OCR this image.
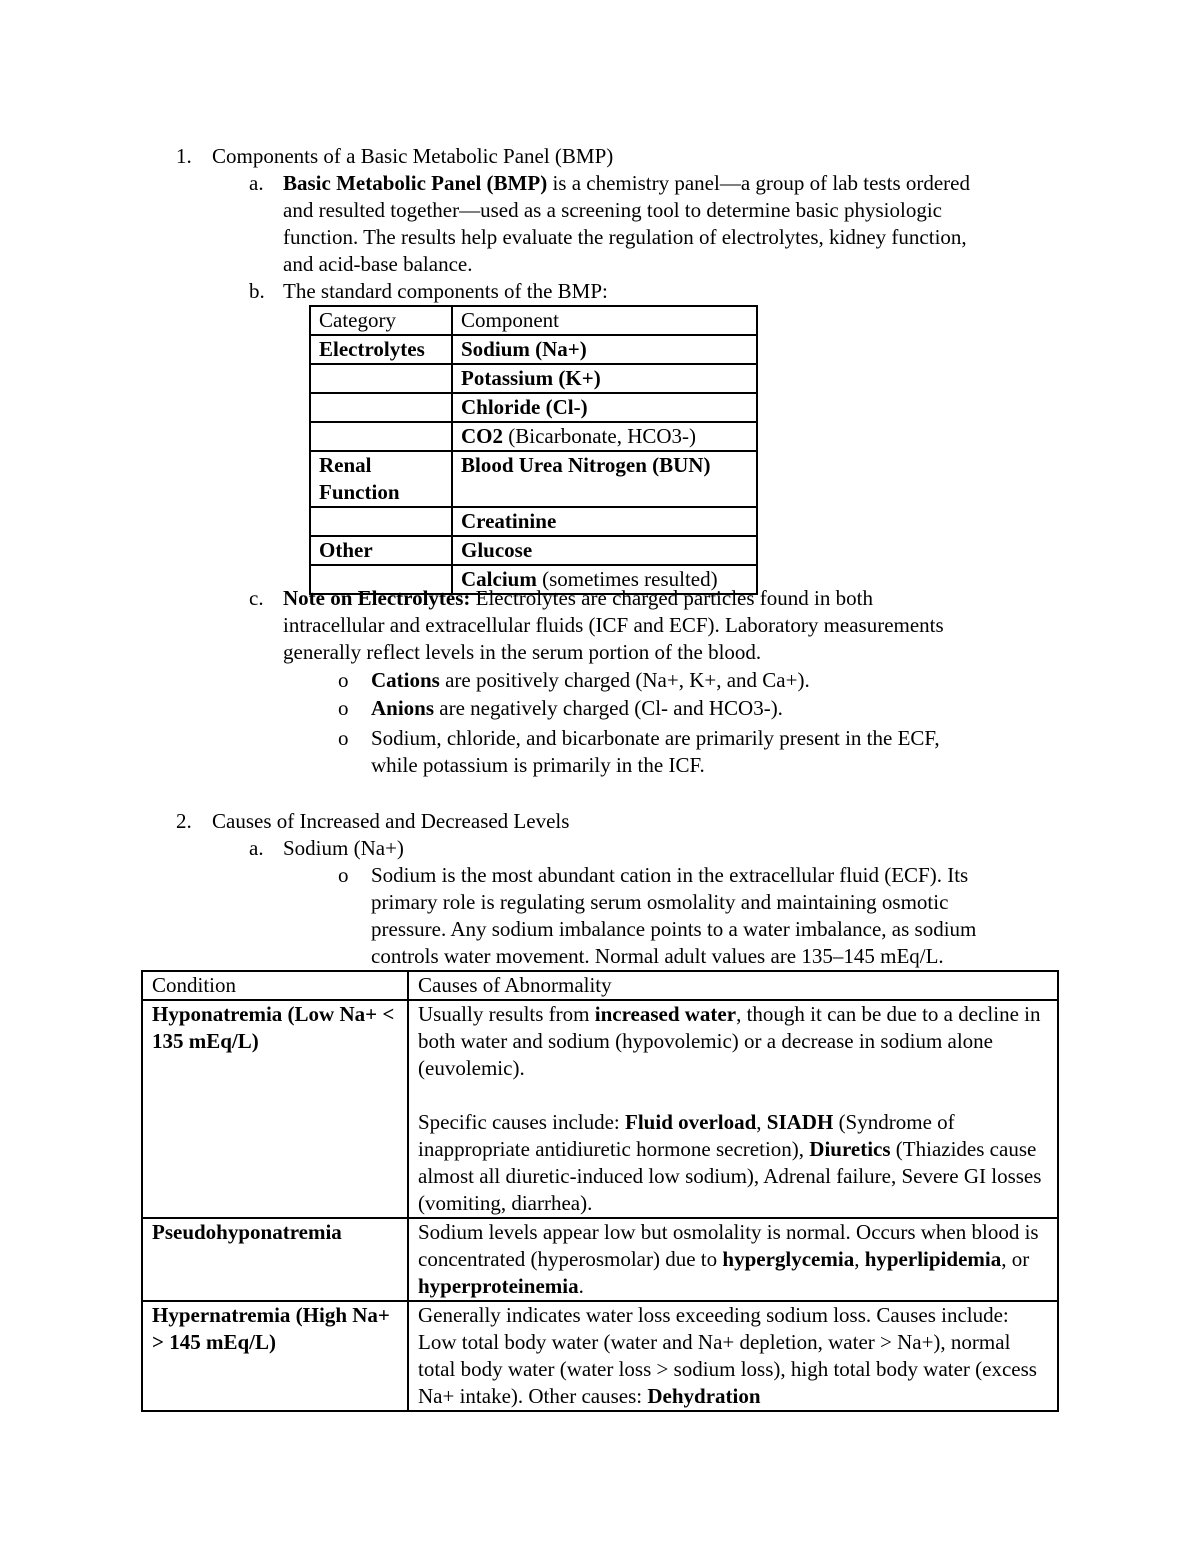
1. Components of a Basic Metabolic Panel (BMP)
a. Basic Metabolic Panel (BMP) is a chemistry panel—a group of lab tests ordered
and resulted together—used as a screening tool to determine basic physiologic
function. The results help evaluate the regulation of electrolytes, kidney function,
and acid-base balance.
b. The standard components of the BMP:
Category	Component
Electrolytes	Sodium (Na+)
	Potassium (K+)
	Chloride (Cl-)
	CO2 (Bicarbonate, HCO3-)
Renal Function	Blood Urea Nitrogen (BUN)
	Creatinine
Other	Glucose
	Calcium (sometimes resulted)
c. Note on Electrolytes: Electrolytes are charged particles found in both
intracellular and extracellular fluids (ICF and ECF). Laboratory measurements
generally reflect levels in the serum portion of the blood.
o Cations are positively charged (Na+, K+, and Ca+).
o Anions are negatively charged (Cl- and HCO3-).
o Sodium, chloride, and bicarbonate are primarily present in the ECF,
while potassium is primarily in the ICF.
2. Causes of Increased and Decreased Levels
a. Sodium (Na+)
o Sodium is the most abundant cation in the extracellular fluid (ECF). Its
primary role is regulating serum osmolality and maintaining osmotic
pressure. Any sodium imbalance points to a water imbalance, as sodium
controls water movement. Normal adult values are 135–145 mEq/L.
Condition	Causes of Abnormality
Hyponatremia (Low Na+ < 135 mEq/L)	Usually results from increased water, though it can be due to a decline in both water and sodium (hypovolemic) or a decrease in sodium alone (euvolemic).
Specific causes include: Fluid overload, SIADH (Syndrome of inappropriate antidiuretic hormone secretion), Diuretics (Thiazides cause almost all diuretic-induced low sodium), Adrenal failure, Severe GI losses (vomiting, diarrhea).

Pseudohyponatremia	Sodium levels appear low but osmolality is normal. Occurs when blood is concentrated (hyperosmolar) due to hyperglycemia, hyperlipidemia, or hyperproteinemia.
Hypernatremia (High Na+ > 145 mEq/L)	Generally indicates water loss exceeding sodium loss. Causes include: Low total body water (water and Na+ depletion, water > Na+), normal total body water (water loss > sodium loss), high total body water (excess Na+ intake). Other causes: Dehydration
